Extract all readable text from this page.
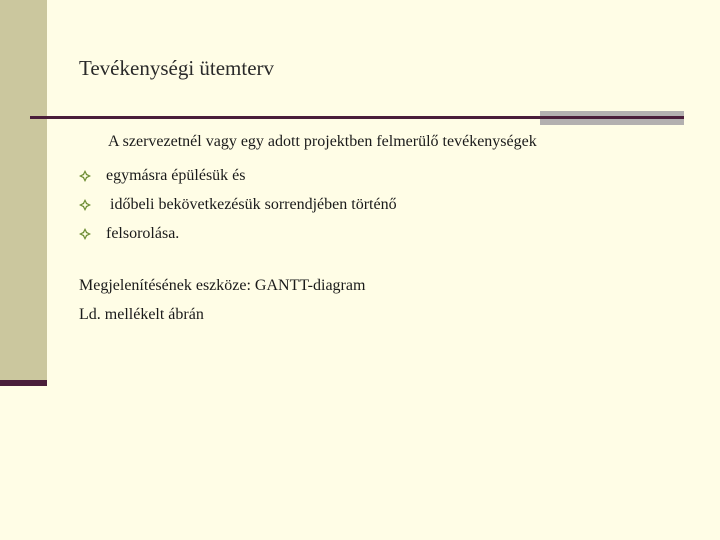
Tevékenységi ütemterv
A szervezetnél vagy egy adott projektben felmerülő tevékenységek
egymásra épülésük és
időbeli bekövetkezésük sorrendjében történő
felsorolása.
Megjelenítésének eszköze: GANTT-diagram
Ld. mellékelt ábrán
